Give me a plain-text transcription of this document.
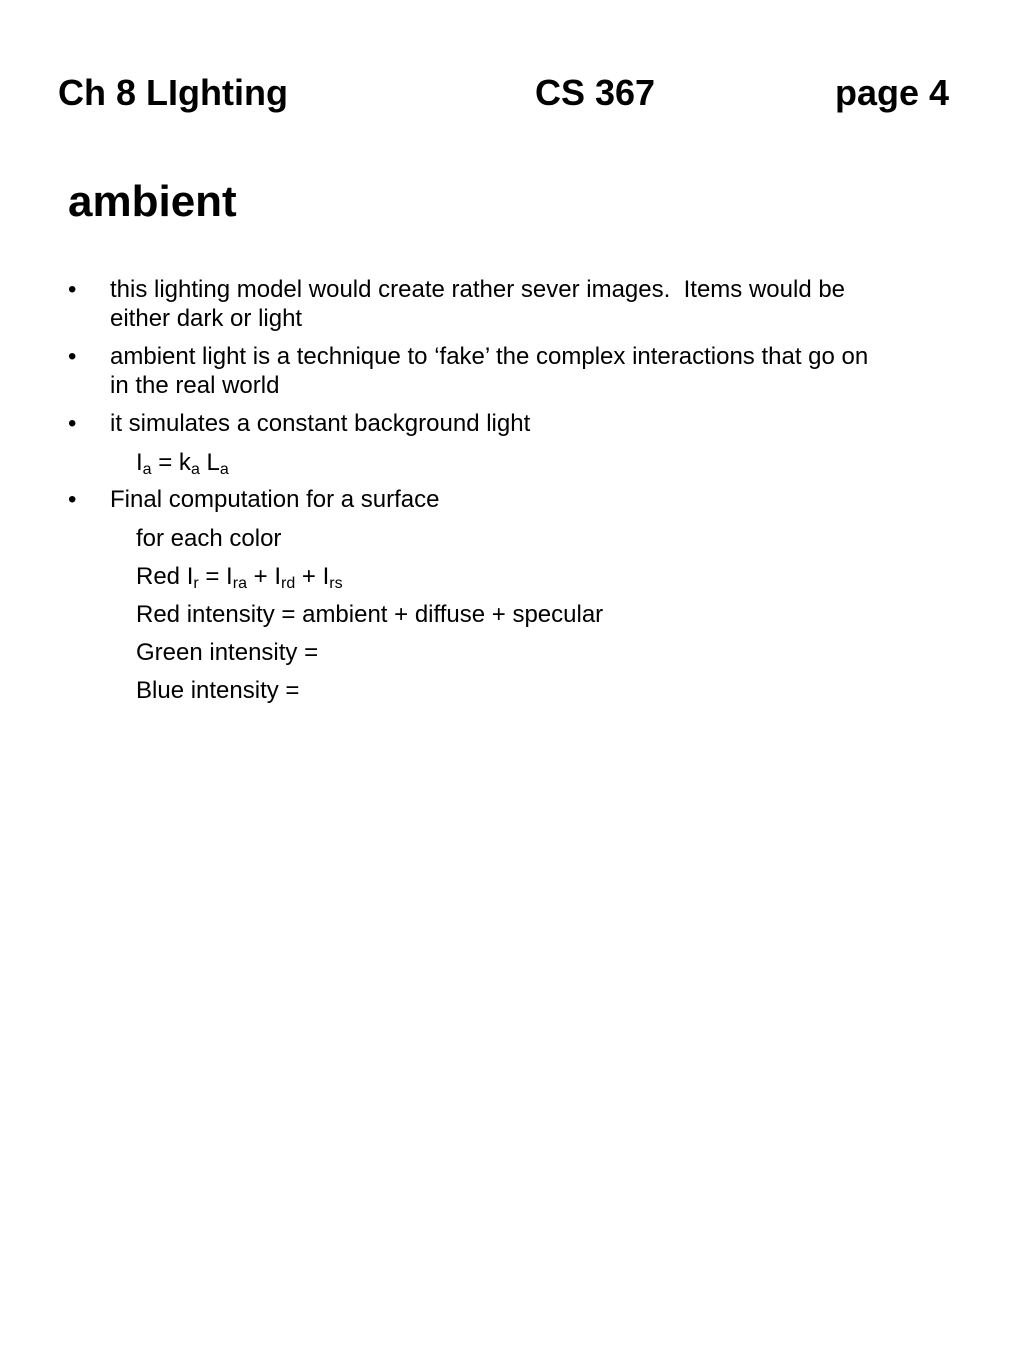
Ch 8 LIghting	CS 367	page 4
ambient
• this lighting model would create rather sever images.  Items would be
either dark or light
• ambient light is a technique to ‘fake’ the complex interactions that go on
in the real world
• it simulates a constant background light
$I_a = k_a$ $L_a$
• Final computation for a surface
for each color
Red $I_r = I_{ra} + I_{rd} + I_{rs}$
Red intensity = ambient + diffuse + specular
Green intensity =
Blue intensity =
